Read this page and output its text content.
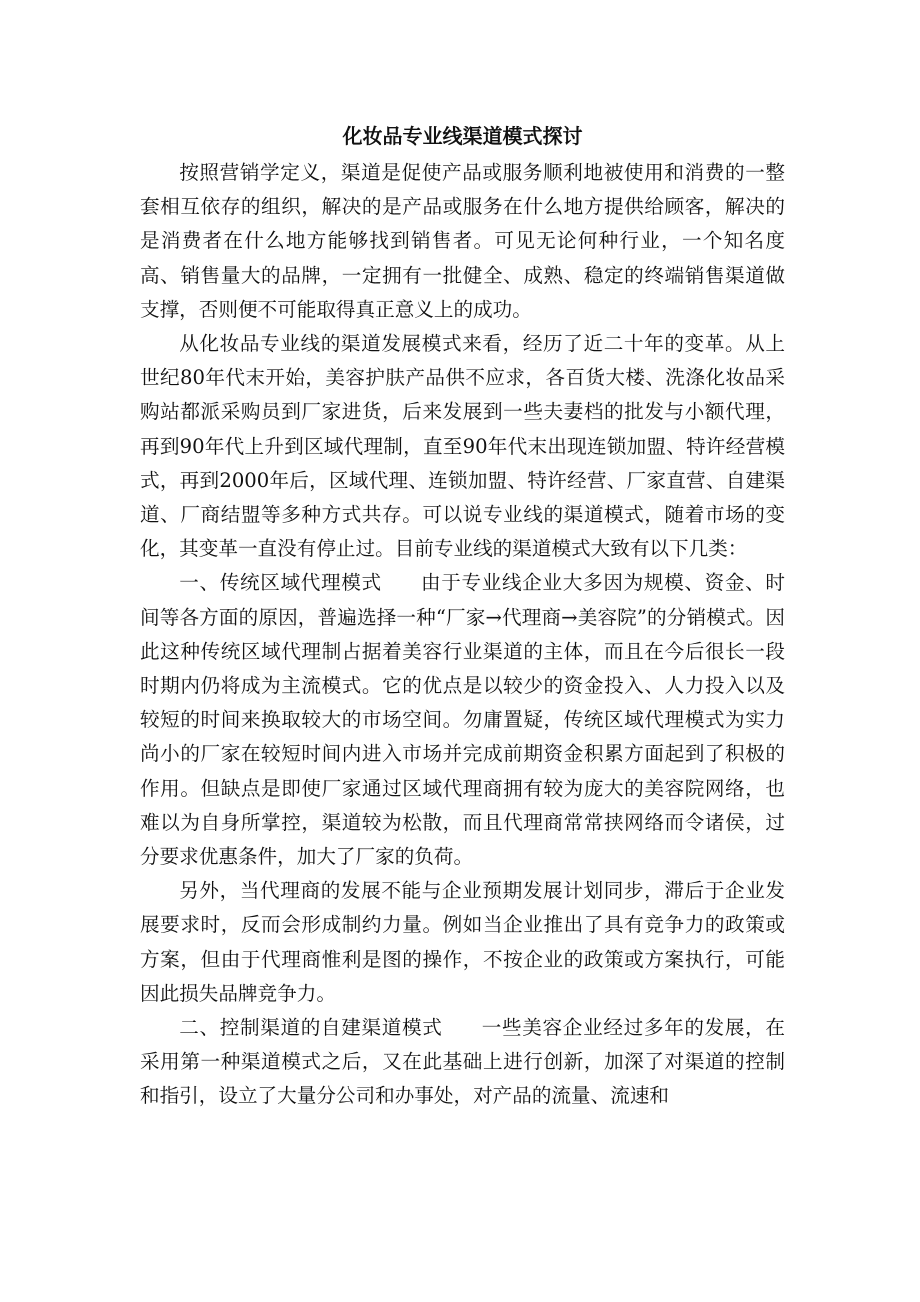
化妆品专业线渠道模式探讨

按照营销学定义，渠道是促使产品或服务顺利地被使用和消费的一整套相互依存的组织，解决的是产品或服务在什么地方提供给顾客，解决的是消费者在什么地方能够找到销售者。可见无论何种行业，一个知名度高、销售量大的品牌，一定拥有一批健全、成熟、稳定的终端销售渠道做支撑，否则便不可能取得真正意义上的成功。

从化妆品专业线的渠道发展模式来看，经历了近二十年的变革。从上世纪80年代末开始，美容护肤产品供不应求，各百货大楼、洗涤化妆品采购站都派采购员到厂家进货，后来发展到一些夫妻档的批发与小额代理，再到90年代上升到区域代理制，直至90年代末出现连锁加盟、特许经营模式，再到2000年后，区域代理、连锁加盟、特许经营、厂家直营、自建渠道、厂商结盟等多种方式共存。可以说专业线的渠道模式，随着市场的变化，其变革一直没有停止过。目前专业线的渠道模式大致有以下几类：

一、传统区域代理模式 由于专业线企业大多因为规模、资金、时间等各方面的原因，普遍选择一种“厂家→代理商→美容院”的分销模式。因此这种传统区域代理制占据着美容行业渠道的主体，而且在今后很长一段时期内仍将成为主流模式。它的优点是以较少的资金投入、人力投入以及较短的时间来换取较大的市场空间。勿庸置疑，传统区域代理模式为实力尚小的厂家在较短时间内进入市场并完成前期资金积累方面起到了积极的作用。但缺点是即使厂家通过区域代理商拥有较为庞大的美容院网络，也难以为自身所掌控，渠道较为松散，而且代理商常常挟网络而令诸侯，过分要求优惠条件，加大了厂家的负荷。

另外，当代理商的发展不能与企业预期发展计划同步，滞后于企业发展要求时，反而会形成制约力量。例如当企业推出了具有竞争力的政策或方案，但由于代理商惟利是图的操作，不按企业的政策或方案执行，可能因此损失品牌竞争力。

二、控制渠道的自建渠道模式 一些美容企业经过多年的发展，在采用第一种渠道模式之后，又在此基础上进行创新，加深了对渠道的控制和指引，设立了大量分公司和办事处，对产品的流量、流速和
